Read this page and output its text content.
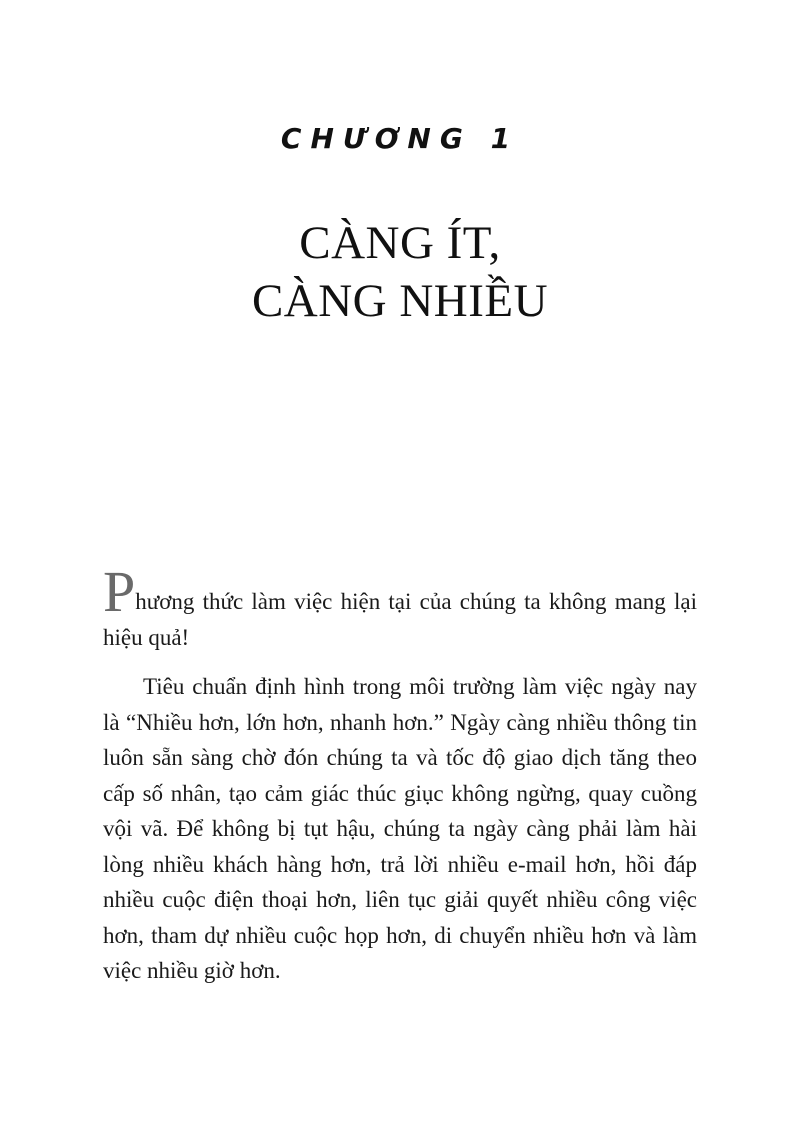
CHƯƠNG 1
CÀNG ÍT,
CÀNG NHIỀU

Phương thức làm việc hiện tại của chúng ta không mang lại hiệu quả!

Tiêu chuẩn định hình trong môi trường làm việc ngày nay là “Nhiều hơn, lớn hơn, nhanh hơn.” Ngày càng nhiều thông tin luôn sẵn sàng chờ đón chúng ta và tốc độ giao dịch tăng theo cấp số nhân, tạo cảm giác thúc giục không ngừng, quay cuồng vội vã. Để không bị tụt hậu, chúng ta ngày càng phải làm hài lòng nhiều khách hàng hơn, trả lời nhiều e-mail hơn, hồi đáp nhiều cuộc điện thoại hơn, liên tục giải quyết nhiều công việc hơn, tham dự nhiều cuộc họp hơn, di chuyển nhiều hơn và làm việc nhiều giờ hơn.
